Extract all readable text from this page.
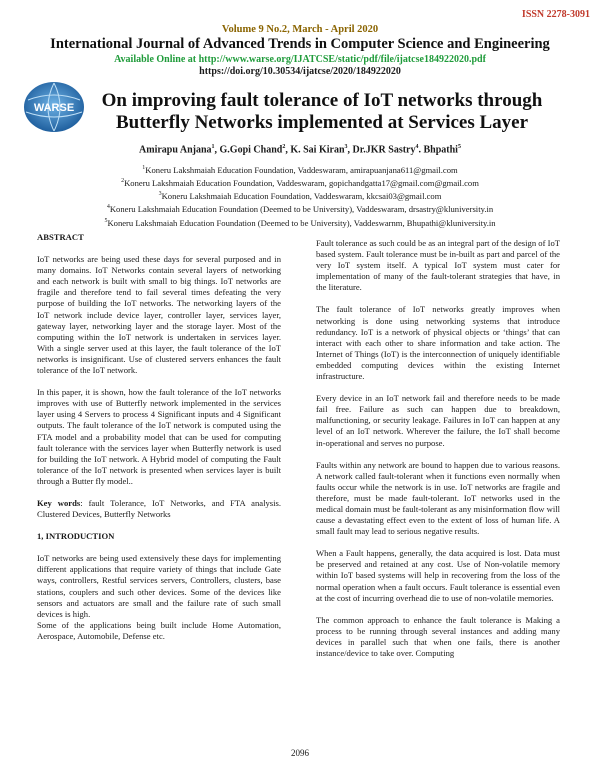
ISSN 2278-3091
Volume 9 No.2, March - April 2020
International Journal of Advanced Trends in Computer Science and Engineering
Available Online at http://www.warse.org/IJATCSE/static/pdf/file/ijatcse184922020.pdf
https://doi.org/10.30534/ijatcse/2020/184922020
WARSE	On improving fault tolerance of IoT networks through Butterfly Networks implemented at Services Layer
Amirapu Anjana$^1$, G.Gopi Chand$^2$, K. Sai Kiran$^3$, Dr.JKR Sastry$^4$. Bhpathi$^5$
$^1$Koneru Lakshmaiah Education Foundation, Vaddeswaram, amirapuanjana611@gmail.com
$^2$Koneru Lakshmaiah Education Foundation, Vaddeswaram, gopichandgatta17@gmail.com@gmail.com
$^3$Koneru Lakshmaiah Education Foundation, Vaddeswaram, kkcsai03@gmail.com
$^4$Koneru Lakshmaiah Education Foundation (Deemed to be University), Vaddeswaram, drsastry@kluniversity.in
$^5$Koneru Lakshmaiah Education Foundation (Deemed to be University), Vaddeswarnm, Bhupathi@kluniversity.in
ABSTRACT

IoT networks are being used these days for several purposed and in many domains. IoT Networks contain several layers of networking and each network is built with small to big things. IoT networks are fragile and therefore tend to fail several times defeating the very purpose of building the IoT networks. The networking layers of the IoT network include device layer, controller layer, services layer, gateway layer, networking layer and the storage layer. Most of the computing within the IoT network is undertaken in services layer. With a single server used at this layer, the fault tolerance of the IoT networks is insignificant. Use of clustered servers enhances the fault tolerance of the IoT network.

In this paper, it is shown, how the fault tolerance of the IoT networks improves with use of Butterfly network implemented in the services layer using 4 Servers to process 4 Significant inputs and 4 Significant outputs. The fault tolerance of the IoT network is computed using the FTA model and a probability model that can be used for computing fault tolerance with the services layer when Butterfly network is used for building the IoT network. A Hybrid model of computing the Fault tolerance of the IoT network is presented when services layer is built through a Butter fly model..

Key words: fault Tolerance, IoT Networks, and FTA analysis. Clustered Devices, Butterfly Networks

1, INTRODUCTION

IoT networks are being used extensively these days for implementing different applications that require variety of things that include Gate ways, controllers, Restful services servers, Controllers, clusters, base stations, couplers and such other devices. Some of the devices like sensors and actuators are small and the failure rate of such small devices is high.

Some of the applications being built include Home Automation, Aerospace, Automobile, Defense etc.

Fault tolerance as such could be as an integral part of the design of IoT based system. Fault tolerance must be in-built as part and parcel of the very IoT system itself. A typical IoT system must cater for implementation of many of the fault-tolerant strategies that have, in the literature.

The fault tolerance of IoT networks greatly improves when networking is done using networking systems that introduce redundancy. IoT is a network of physical objects or ‘things’ that can interact with each other to share information and take action. The Internet of Things (IoT) is the interconnection of uniquely identifiable embedded computing devices within the existing Internet infrastructure.

Every device in an IoT network fail and therefore needs to be made fail free. Failure as such can happen due to breakdown, malfunctioning, or security leakage. Failures in IoT can happen at any level of an IoT network. Wherever the failure, the IoT shall become in-operational and serves no purpose.

Faults within any network are bound to happen due to various reasons. A network called fault-tolerant when it functions even normally when faults occur while the network is in use. IoT networks are fragile and therefore, must be made fault-tolerant. IoT networks used in the medical domain must be fault-tolerant as any misinformation flow will cause a devastating effect even to the extent of loss of human life. A small fault may lead to serious negative results.

When a Fault happens, generally, the data acquired is lost. Data must be preserved and retained at any cost. Use of Non-volatile memory within IoT based systems will help in recovering from the loss of the normal operation when a fault occurs. Fault tolerance is essential even at the cost of incurring overhead die to use of non-volatile memories.

The common approach to enhance the fault tolerance is Making a process to be running through several instances and adding many devices in parallel such that when one fails, there is another instance/device to take over. Computing

2096
